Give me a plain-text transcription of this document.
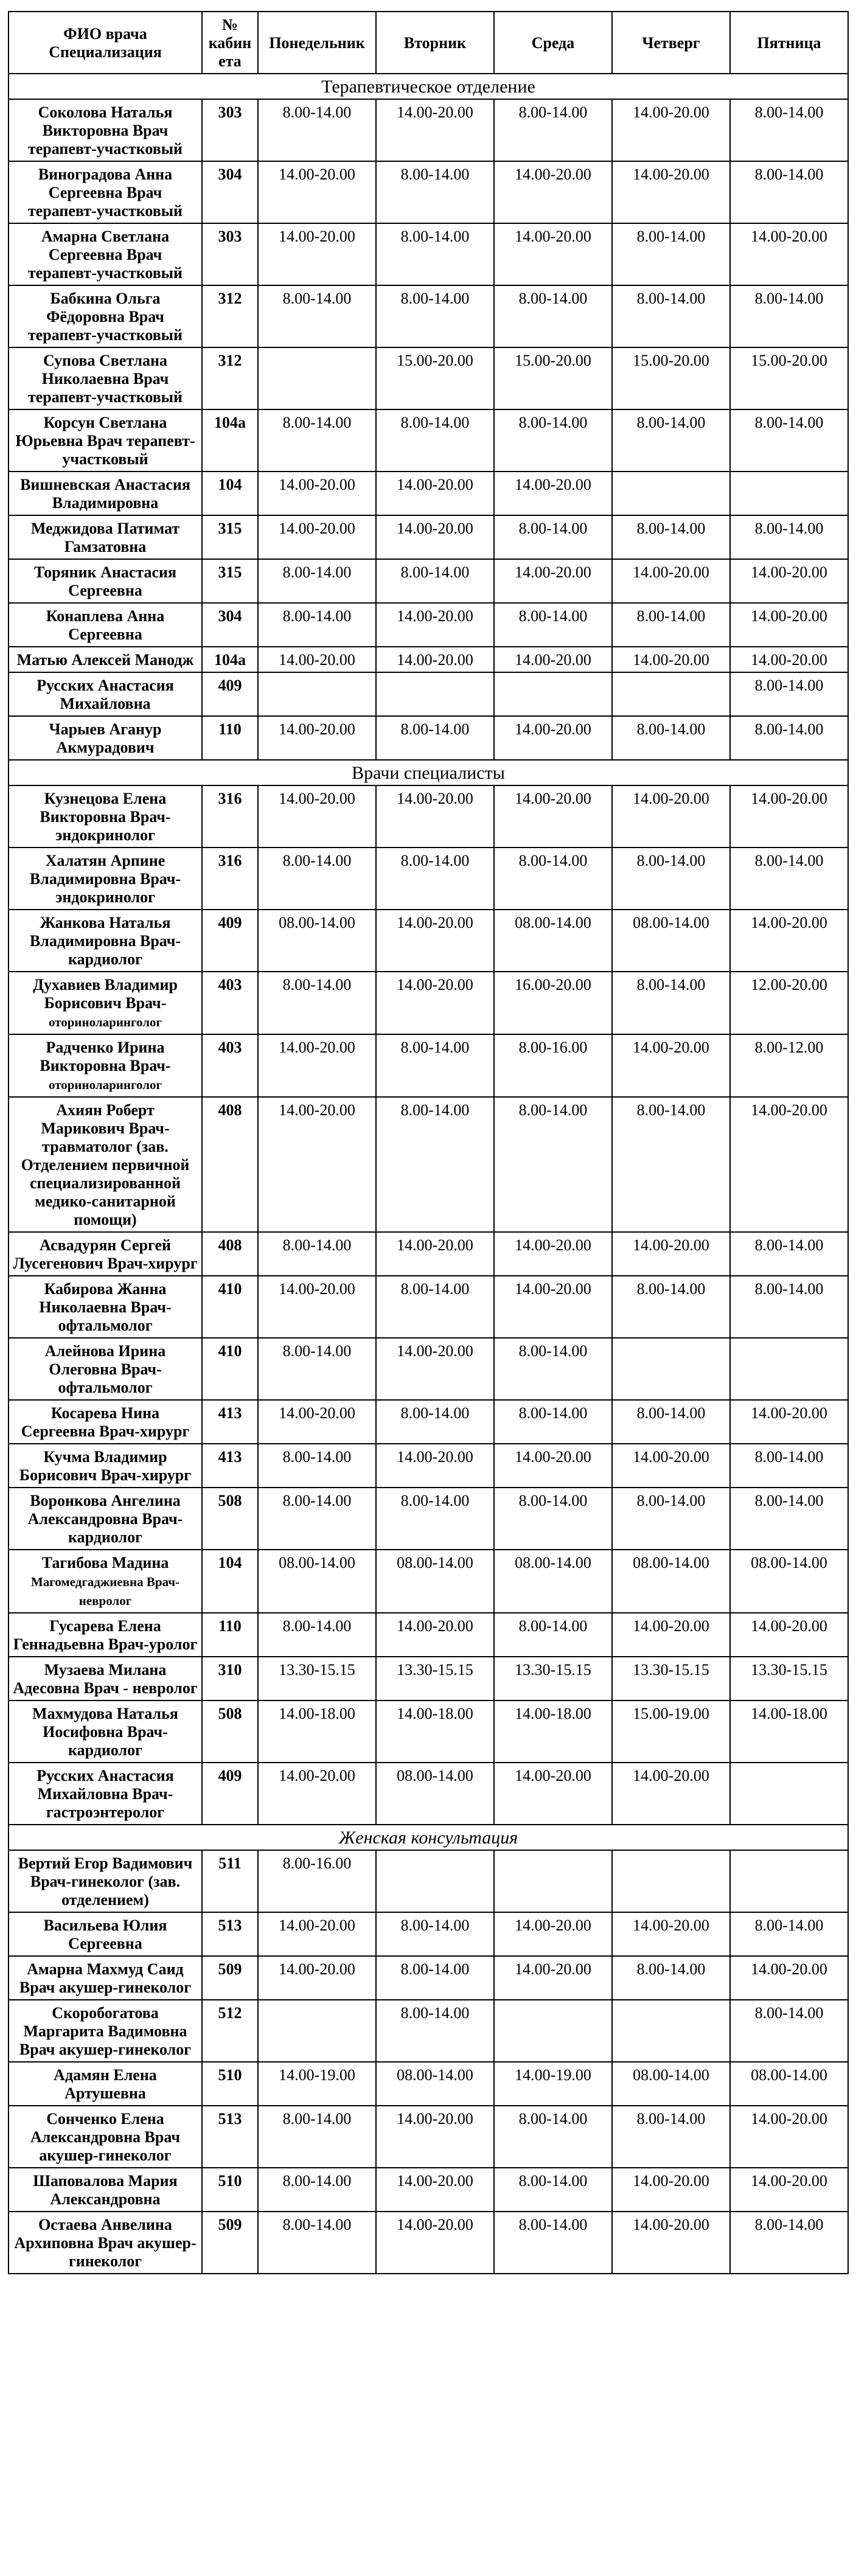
ФИО врача Специализация	№ кабинета	Понедельник	Вторник	Среда	Четверг	Пятница
Терапевтическое отделение						
Соколова Наталья Викторовна Врач терапевт-участковый	303	8.00-14.00	14.00-20.00	8.00-14.00	14.00-20.00	8.00-14.00
Виноградова Анна Сергеевна Врач терапевт-участковый	304	14.00-20.00	8.00-14.00	14.00-20.00	14.00-20.00	8.00-14.00
Амарна Светлана Сергеевна Врач терапевт-участковый	303	14.00-20.00	8.00-14.00	14.00-20.00	8.00-14.00	14.00-20.00
Бабкина Ольга Фёдоровна Врач терапевт-участковый	312	8.00-14.00	8.00-14.00	8.00-14.00	8.00-14.00	8.00-14.00
Супова Светлана Николаевна Врач терапевт-участковый	312		15.00-20.00	15.00-20.00	15.00-20.00	15.00-20.00
Корсун Светлана Юрьевна Врач терапевт-участковый	104а	8.00-14.00	8.00-14.00	8.00-14.00	8.00-14.00	8.00-14.00
Вишневская Анастасия Владимировна	104	14.00-20.00	14.00-20.00	14.00-20.00		
Меджидова Патимат Гамзатовна	315	14.00-20.00	14.00-20.00	8.00-14.00	8.00-14.00	8.00-14.00
Торяник Анастасия Сергеевна	315	8.00-14.00	8.00-14.00	14.00-20.00	14.00-20.00	14.00-20.00
Конаплева Анна Сергеевна	304	8.00-14.00	14.00-20.00	8.00-14.00	8.00-14.00	14.00-20.00
Матью Алексей Манодж	104а	14.00-20.00	14.00-20.00	14.00-20.00	14.00-20.00	14.00-20.00
Русских Анастасия Михайловна	409					8.00-14.00
Чарыев Агануp Акмурадович	110	14.00-20.00	8.00-14.00	14.00-20.00	8.00-14.00	8.00-14.00
Врачи специалисты						
Кузнецова Елена Викторовна Врач-эндокринолог	316	14.00-20.00	14.00-20.00	14.00-20.00	14.00-20.00	14.00-20.00
Халатян Арпине Владимировна Врач-эндокринолог	316	8.00-14.00	8.00-14.00	8.00-14.00	8.00-14.00	8.00-14.00
Жанкова Наталья Владимировна Врач-кардиолог	409	08.00-14.00	14.00-20.00	08.00-14.00	08.00-14.00	14.00-20.00
Духавиев Владимир Борисович Врач-
оториноларинголог	403	8.00-14.00	14.00-20.00	16.00-20.00	8.00-14.00	12.00-20.00
Радченко Ирина Викторовна Врач-
оториноларинголог	403	14.00-20.00	8.00-14.00	8.00-16.00	14.00-20.00	8.00-12.00
Ахиян Роберт Марикович Врач-травматолог (зав. Отделением первичной специализированной медико-санитарной помощи)	408	14.00-20.00	8.00-14.00	8.00-14.00	8.00-14.00	14.00-20.00
Асвадурян Сергей Лусегенович Врач-хирург	408	8.00-14.00	14.00-20.00	14.00-20.00	14.00-20.00	8.00-14.00
Кабирова Жанна Николаевна Врач-офтальмолог	410	14.00-20.00	8.00-14.00	14.00-20.00	8.00-14.00	8.00-14.00
Алейнова Ирина Олеговна Врач-офтальмолог	410	8.00-14.00	14.00-20.00	8.00-14.00		
Косарева Нина Сергеевна Врач-хирург	413	14.00-20.00	8.00-14.00	8.00-14.00	8.00-14.00	14.00-20.00
Кучма Владимир Борисович Врач-хирург	413	8.00-14.00	14.00-20.00	14.00-20.00	14.00-20.00	8.00-14.00
Воронкова Ангелина Александровна Врач-кардиолог	508	8.00-14.00	8.00-14.00	8.00-14.00	8.00-14.00	8.00-14.00
Тагибова Мадина
Магомедгаджиевна Врач-невролог	104	08.00-14.00	08.00-14.00	08.00-14.00	08.00-14.00	08.00-14.00
Гусарева Елена Геннадьевна Врач-уролог	110	8.00-14.00	14.00-20.00	8.00-14.00	14.00-20.00	14.00-20.00
Музаева Милана Адесовна Врач - невролог	310	13.30-15.15	13.30-15.15	13.30-15.15	13.30-15.15	13.30-15.15
Махмудова Наталья Иосифовна Врач-кардиолог	508	14.00-18.00	14.00-18.00	14.00-18.00	15.00-19.00	14.00-18.00
Русских Анастасия Михайловна Врач-гастроэнтеролог	409	14.00-20.00	08.00-14.00	14.00-20.00	14.00-20.00	
Женская консультация						
Вертий Егор Вадимович Врач-гинеколог (зав. отделением)	511	8.00-16.00				
Васильева Юлия Сергеевна	513	14.00-20.00	8.00-14.00	14.00-20.00	14.00-20.00	8.00-14.00
Амарна Махмуд Саид Врач акушер-гинеколог	509	14.00-20.00	8.00-14.00	14.00-20.00	8.00-14.00	14.00-20.00
Скоробогатова Маргарита Вадимовна Врач акушер-гинеколог	512		8.00-14.00			8.00-14.00
Адамян Елена Артушевна	510	14.00-19.00	08.00-14.00	14.00-19.00	08.00-14.00	08.00-14.00
Сонченко Елена Александровна Врач акушер-гинеколог	513	8.00-14.00	14.00-20.00	8.00-14.00	8.00-14.00	14.00-20.00
Шаповалова Мария Александровна	510	8.00-14.00	14.00-20.00	8.00-14.00	14.00-20.00	14.00-20.00
Остаева Анвелина Архиповна Врач акушер-гинеколог	509	8.00-14.00	14.00-20.00	8.00-14.00	14.00-20.00	8.00-14.00
